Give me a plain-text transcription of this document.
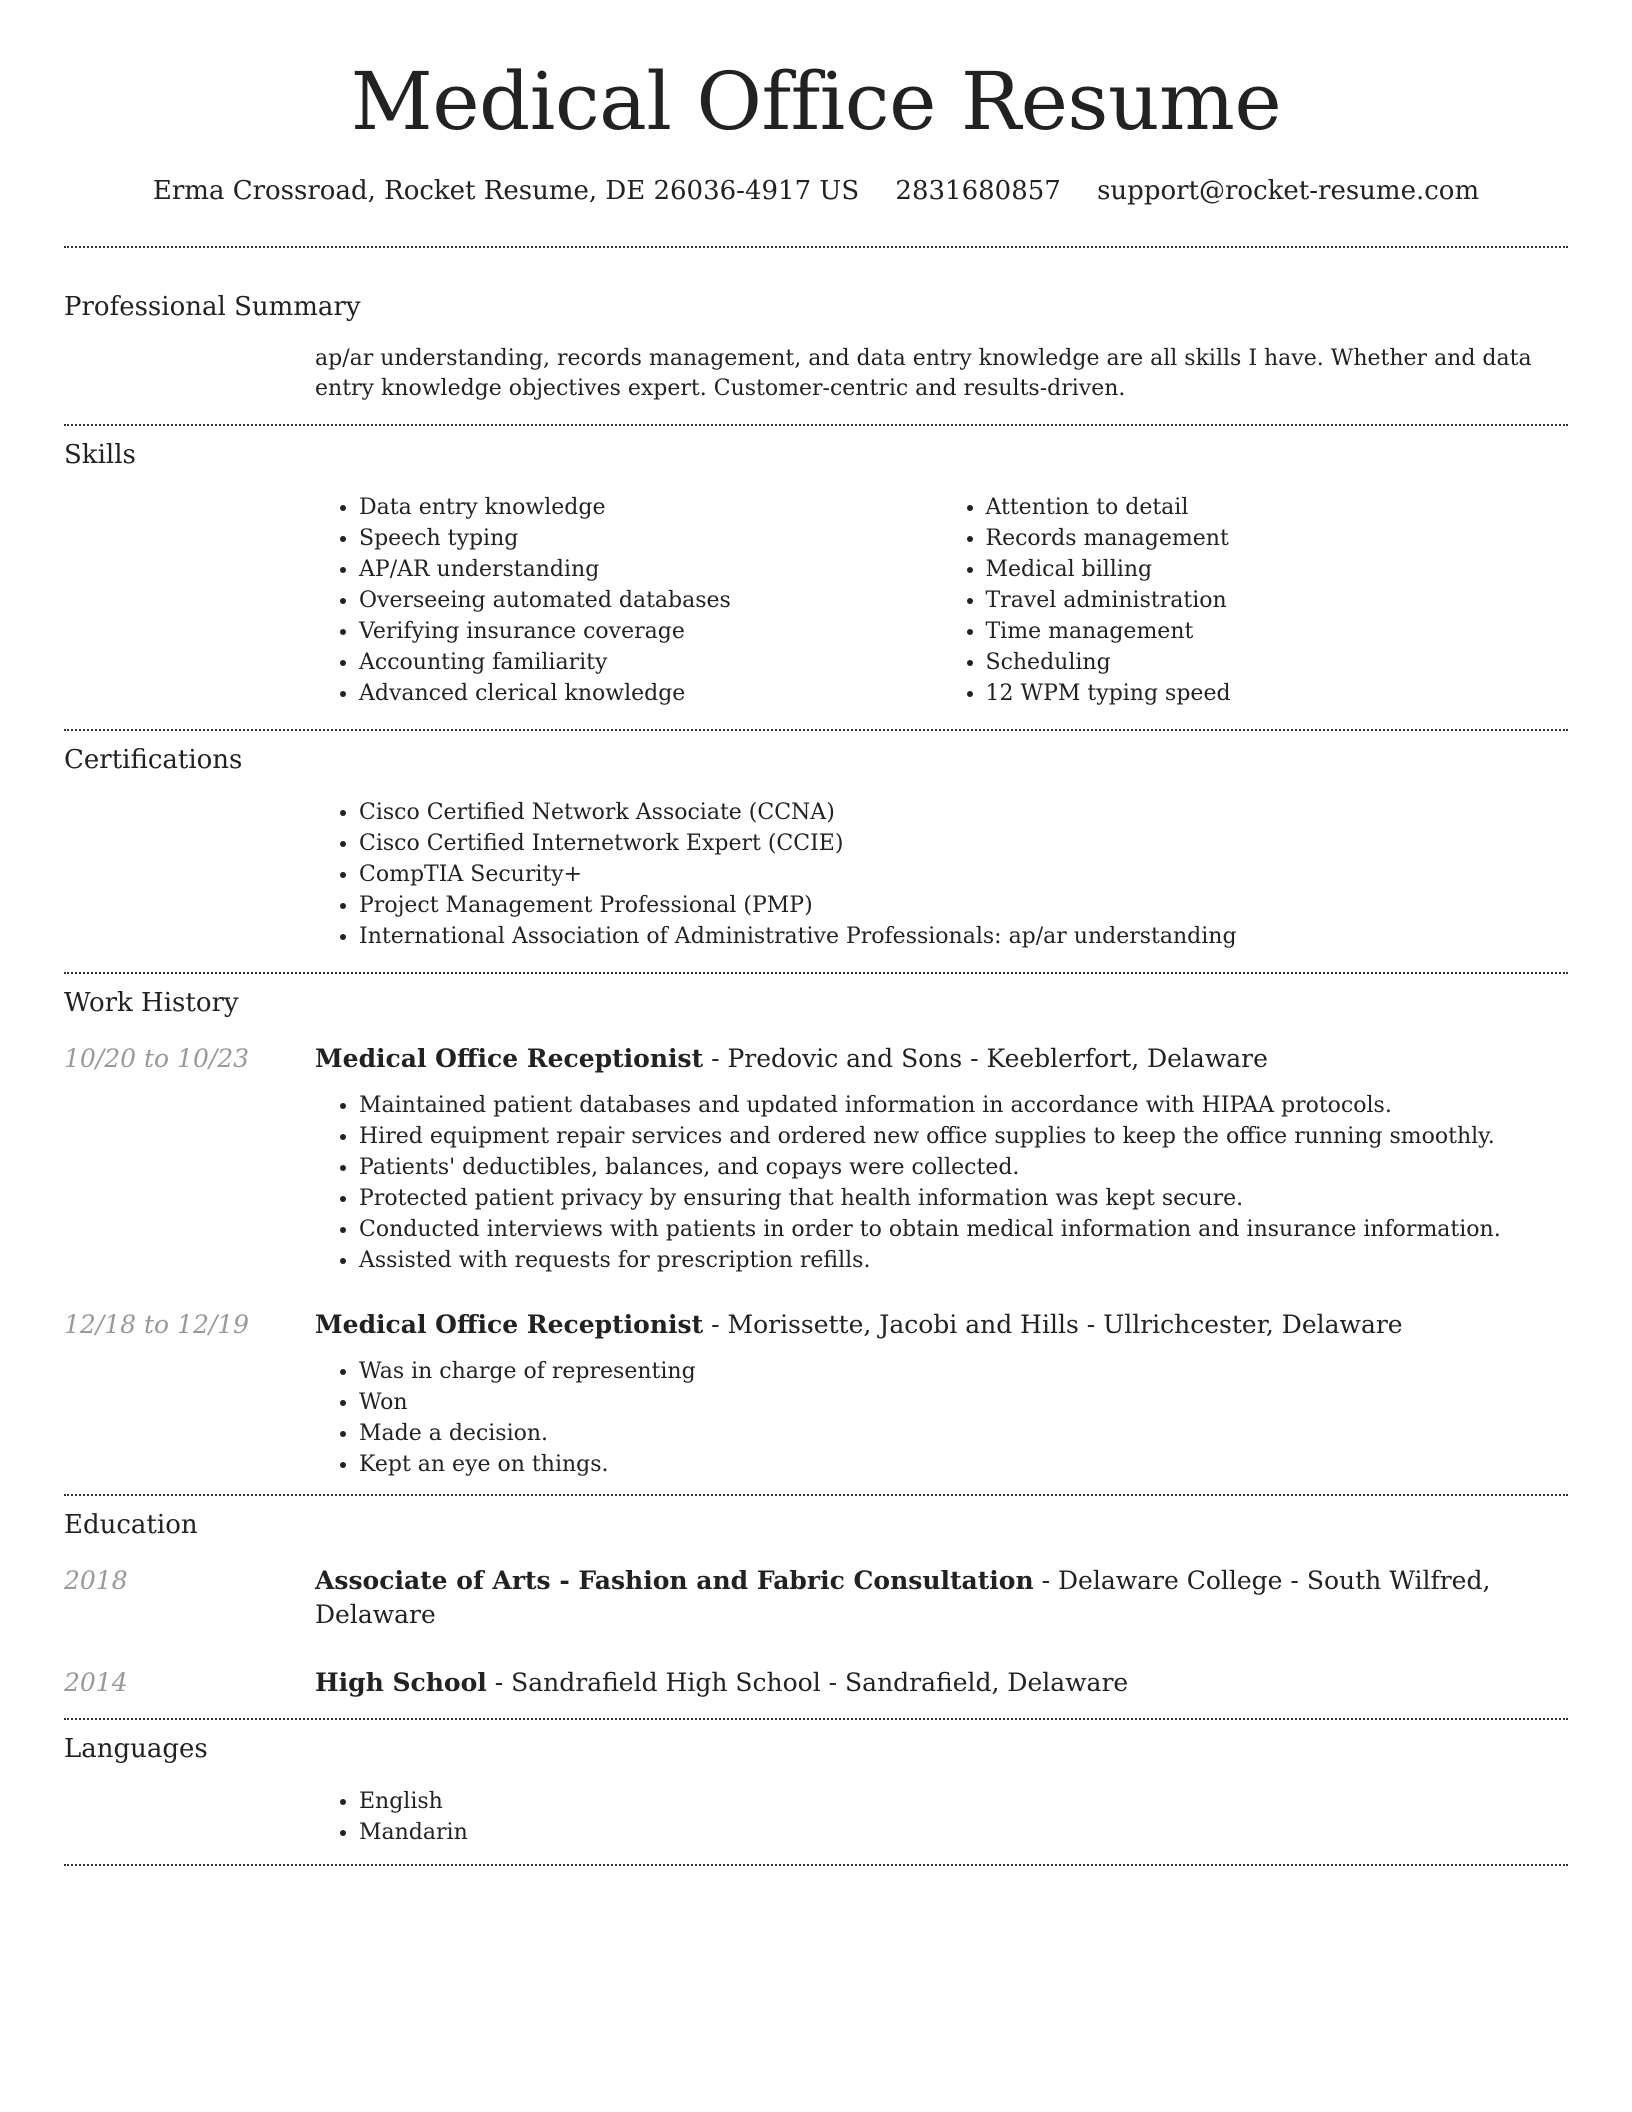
Medical Office Resume
Erma Crossroad, Rocket Resume, DE 26036-4917 US 2831680857 support@rocket-resume.com
Professional Summary
ap/ar understanding, records management, and data entry knowledge are all skills I have. Whether and data entry knowledge objectives expert. Customer-centric and results-driven.
Skills
• Data entry knowledge
• Speech typing
• AP/AR understanding
• Overseeing automated databases
• Verifying insurance coverage
• Accounting familiarity
• Advanced clerical knowledge
• Attention to detail
• Records management
• Medical billing
• Travel administration
• Time management
• Scheduling
• 12 WPM typing speed
Certifications
• Cisco Certified Network Associate (CCNA)
• Cisco Certified Internetwork Expert (CCIE)
• CompTIA Security+
• Project Management Professional (PMP)
• International Association of Administrative Professionals: ap/ar understanding
Work History
10/20 to 10/23	Medical Office Receptionist - Predovic and Sons - Keeblerfort, Delaware
• Maintained patient databases and updated information in accordance with HIPAA protocols.
• Hired equipment repair services and ordered new office supplies to keep the office running smoothly.
• Patients' deductibles, balances, and copays were collected.
• Protected patient privacy by ensuring that health information was kept secure.
• Conducted interviews with patients in order to obtain medical information and insurance information.
• Assisted with requests for prescription refills.
12/18 to 12/19	Medical Office Receptionist - Morissette, Jacobi and Hills - Ullrichcester, Delaware
• Was in charge of representing
• Won
• Made a decision.
• Kept an eye on things.
Education
2018	Associate of Arts - Fashion and Fabric Consultation - Delaware College - South Wilfred, Delaware
2014	High School - Sandrafield High School - Sandrafield, Delaware
Languages
• English
• Mandarin
